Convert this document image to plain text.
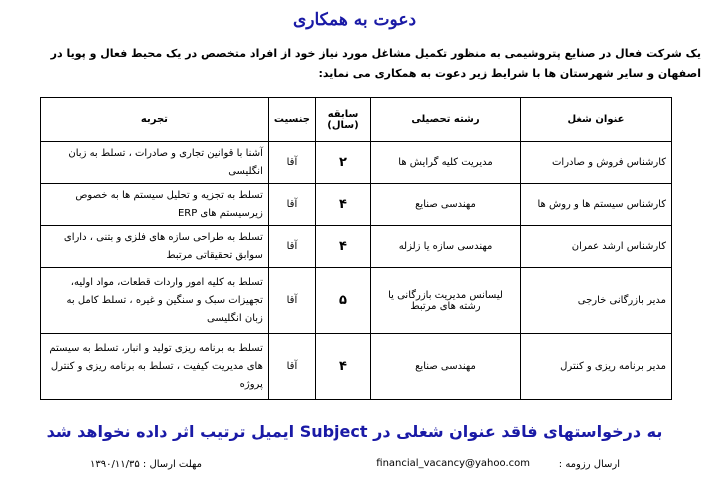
دعوت به همکاری
یک شرکت فعال در صنایع پتروشیمی به منظور تکمیل مشاغل مورد نیاز خود از افراد متخصص در یک محیط فعال و پویا در اصفهان و سایر شهرستان ها با شرایط زیر دعوت به همکاری می نماید:
عنوان شغل	رشته تحصیلی	سابقه (سال)	جنسیت	تجربه
کارشناس فروش و صادرات	مدیریت کلیه گرایش ها	۲	آقا	آشنا با قوانین تجاری و صادرات ، تسلط به زبان انگلیسی
کارشناس سیستم ها و روش ها	مهندسی صنایع	۴	آقا	تسلط به تجزیه و تحلیل سیستم ها به خصوص زیرسیستم های ERP
کارشناس ارشد عمران	مهندسی سازه یا زلزله	۴	آقا	تسلط به طراحی سازه های فلزی و بتنی ، دارای سوابق تحقیقاتی مرتبط
مدیر بازرگانی خارجی	لیسانس مدیریت بازرگانی یا رشته های مرتبط	۵	آقا	تسلط به کلیه امور واردات قطعات، مواد اولیه، تجهیزات سبک و سنگین و غیره ، تسلط کامل به زبان انگلیسی
مدیر برنامه ریزی و کنترل	مهندسی صنایع	۴	آقا	تسلط به برنامه ریزی تولید و انبار، تسلط به سیستم های مدیریت کیفیت ، تسلط به برنامه ریزی و کنترل پروژه
به درخواستهای فاقد عنوان شغلی در Subject ایمیل ترتیب اثر داده نخواهد شد
ارسال رزومه :
financial_vacancy@yahoo.com
مهلت ارسال : ۱۳۹۰/۱۱/۳۵
